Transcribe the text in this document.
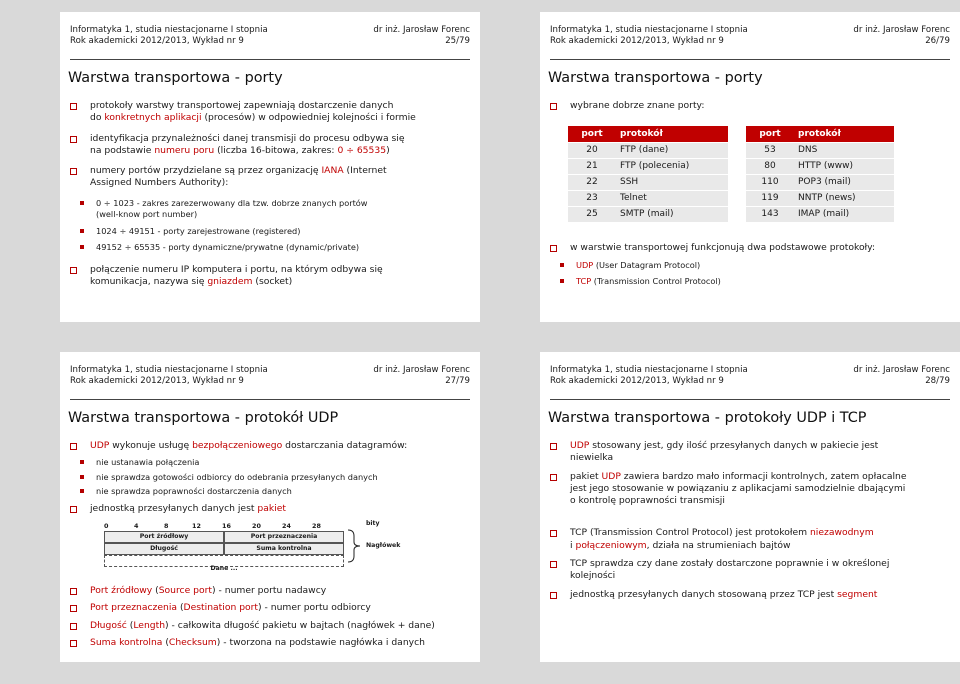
Informatyka 1, studia niestacjonarne I stopnia	dr inż. Jarosław Forenc
Rok akademicki 2012/2013, Wykład nr 9	25/79
Warstwa transportowa - porty
protokoły warstwy transportowej zapewniają dostarczenie danych
do konkretnych aplikacji (procesów) w odpowiedniej kolejności i formie
identyfikacja przynależności danej transmisji do procesu odbywa się
na podstawie numeru poru (liczba 16-bitowa, zakres: 0 ÷ 65535)
numery portów przydzielane są przez organizację IANA (Internet
Assigned Numbers Authority):
0 ÷ 1023 - zakres zarezerwowany dla tzw. dobrze znanych portów
(well-know port number)
1024 ÷ 49151 - porty zarejestrowane (registered)
49152 ÷ 65535 - porty dynamiczne/prywatne (dynamic/private)
połączenie numeru IP komputera i portu, na którym odbywa się
komunikacja, nazywa się gniazdem (socket)
Informatyka 1, studia niestacjonarne I stopnia	dr inż. Jarosław Forenc
Rok akademicki 2012/2013, Wykład nr 9	26/79
Warstwa transportowa - porty
wybrane dobrze znane porty:
port	protokół
20	FTP (dane)
21	FTP (polecenia)
22	SSH
23	Telnet
25	SMTP (mail)
port	protokół
53	DNS
80	HTTP (www)
110	POP3 (mail)
119	NNTP (news)
143	IMAP (mail)
w warstwie transportowej funkcjonują dwa podstawowe protokoły:
UDP (User Datagram Protocol)
TCP (Transmission Control Protocol)
Informatyka 1, studia niestacjonarne I stopnia	dr inż. Jarosław Forenc
Rok akademicki 2012/2013, Wykład nr 9	27/79
Warstwa transportowa - protokół UDP
UDP wykonuje usługę bezpołączeniowego dostarczania datagramów:
nie ustanawia połączenia
nie sprawdza gotowości odbiorcy do odebrania przesyłanych danych
nie sprawdza poprawności dostarczenia danych
jednostką przesyłanych danych jest pakiet
0	4	8	12	16	20	24	28	bity
Port źródłowy	Port przeznaczenia
Długość	Suma kontrolna
Dane ...
Nagłówek
Port źródłowy (Source port) - numer portu nadawcy
Port przeznaczenia (Destination port) - numer portu odbiorcy
Długość (Length) - całkowita długość pakietu w bajtach (nagłówek + dane)
Suma kontrolna (Checksum) - tworzona na podstawie nagłówka i danych
Informatyka 1, studia niestacjonarne I stopnia	dr inż. Jarosław Forenc
Rok akademicki 2012/2013, Wykład nr 9	28/79
Warstwa transportowa - protokoły UDP i TCP
UDP stosowany jest, gdy ilość przesyłanych danych w pakiecie jest
niewielka
pakiet UDP zawiera bardzo mało informacji kontrolnych, zatem opłacalne
jest jego stosowanie w powiązaniu z aplikacjami samodzielnie dbającymi
o kontrolę poprawności transmisji
TCP (Transmission Control Protocol) jest protokołem niezawodnym
i połączeniowym, działa na strumieniach bajtów
TCP sprawdza czy dane zostały dostarczone poprawnie i w określonej
kolejności
jednostką przesyłanych danych stosowaną przez TCP jest segment
